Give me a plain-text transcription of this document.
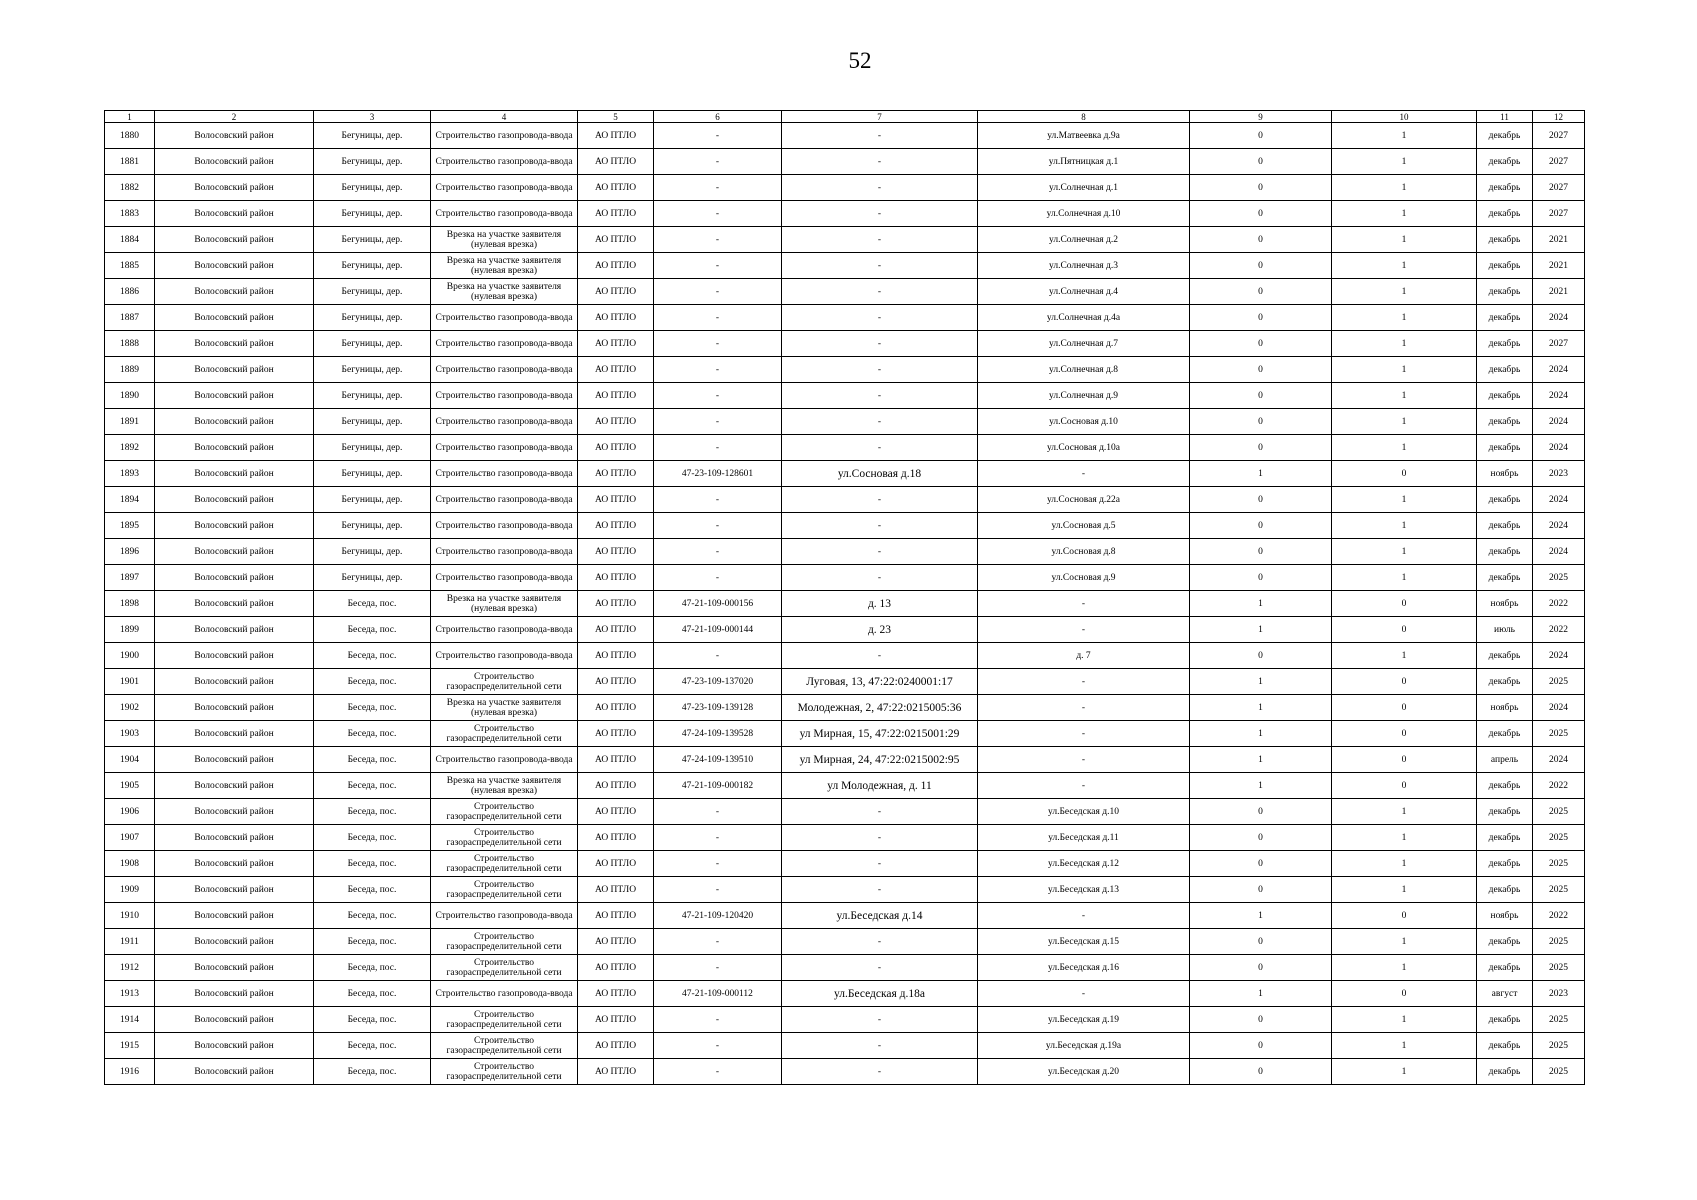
52
1	2	3	4	5	6	7	8	9	10	11	12
1880	Волосовский район	Бегуницы, дер.	Строительство газопровода-ввода	АО ПТЛО	-	-	ул.Матвеевка д.9а	0	1	декабрь	2027
1881	Волосовский район	Бегуницы, дер.	Строительство газопровода-ввода	АО ПТЛО	-	-	ул.Пятницкая д.1	0	1	декабрь	2027
1882	Волосовский район	Бегуницы, дер.	Строительство газопровода-ввода	АО ПТЛО	-	-	ул.Солнечная д.1	0	1	декабрь	2027
1883	Волосовский район	Бегуницы, дер.	Строительство газопровода-ввода	АО ПТЛО	-	-	ул.Солнечная д.10	0	1	декабрь	2027
1884	Волосовский район	Бегуницы, дер.	Врезка на участке заявителя (нулевая врезка)	АО ПТЛО	-	-	ул.Солнечная д.2	0	1	декабрь	2021
1885	Волосовский район	Бегуницы, дер.	Врезка на участке заявителя (нулевая врезка)	АО ПТЛО	-	-	ул.Солнечная д.3	0	1	декабрь	2021
1886	Волосовский район	Бегуницы, дер.	Врезка на участке заявителя (нулевая врезка)	АО ПТЛО	-	-	ул.Солнечная д.4	0	1	декабрь	2021
1887	Волосовский район	Бегуницы, дер.	Строительство газопровода-ввода	АО ПТЛО	-	-	ул.Солнечная д.4а	0	1	декабрь	2024
1888	Волосовский район	Бегуницы, дер.	Строительство газопровода-ввода	АО ПТЛО	-	-	ул.Солнечная д.7	0	1	декабрь	2027
1889	Волосовский район	Бегуницы, дер.	Строительство газопровода-ввода	АО ПТЛО	-	-	ул.Солнечная д.8	0	1	декабрь	2024
1890	Волосовский район	Бегуницы, дер.	Строительство газопровода-ввода	АО ПТЛО	-	-	ул.Солнечная д.9	0	1	декабрь	2024
1891	Волосовский район	Бегуницы, дер.	Строительство газопровода-ввода	АО ПТЛО	-	-	ул.Сосновая д.10	0	1	декабрь	2024
1892	Волосовский район	Бегуницы, дер.	Строительство газопровода-ввода	АО ПТЛО	-	-	ул.Сосновая д.10а	0	1	декабрь	2024
1893	Волосовский район	Бегуницы, дер.	Строительство газопровода-ввода	АО ПТЛО	47-23-109-128601	ул.Сосновая д.18	-	1	0	ноябрь	2023
1894	Волосовский район	Бегуницы, дер.	Строительство газопровода-ввода	АО ПТЛО	-	-	ул.Сосновая д.22а	0	1	декабрь	2024
1895	Волосовский район	Бегуницы, дер.	Строительство газопровода-ввода	АО ПТЛО	-	-	ул.Сосновая д.5	0	1	декабрь	2024
1896	Волосовский район	Бегуницы, дер.	Строительство газопровода-ввода	АО ПТЛО	-	-	ул.Сосновая д.8	0	1	декабрь	2024
1897	Волосовский район	Бегуницы, дер.	Строительство газопровода-ввода	АО ПТЛО	-	-	ул.Сосновая д.9	0	1	декабрь	2025
1898	Волосовский район	Беседа, пос.	Врезка на участке заявителя (нулевая врезка)	АО ПТЛО	47-21-109-000156	д. 13	-	1	0	ноябрь	2022
1899	Волосовский район	Беседа, пос.	Строительство газопровода-ввода	АО ПТЛО	47-21-109-000144	д. 23	-	1	0	июль	2022
1900	Волосовский район	Беседа, пос.	Строительство газопровода-ввода	АО ПТЛО	-	-	д. 7	0	1	декабрь	2024
1901	Волосовский район	Беседа, пос.	Строительство газораспределительной сети	АО ПТЛО	47-23-109-137020	Луговая, 13, 47:22:0240001:17	-	1	0	декабрь	2025
1902	Волосовский район	Беседа, пос.	Врезка на участке заявителя (нулевая врезка)	АО ПТЛО	47-23-109-139128	Молодежная, 2, 47:22:0215005:36	-	1	0	ноябрь	2024
1903	Волосовский район	Беседа, пос.	Строительство газораспределительной сети	АО ПТЛО	47-24-109-139528	ул Мирная, 15, 47:22:0215001:29	-	1	0	декабрь	2025
1904	Волосовский район	Беседа, пос.	Строительство газопровода-ввода	АО ПТЛО	47-24-109-139510	ул Мирная, 24, 47:22:0215002:95	-	1	0	апрель	2024
1905	Волосовский район	Беседа, пос.	Врезка на участке заявителя (нулевая врезка)	АО ПТЛО	47-21-109-000182	ул Молодежная, д. 11	-	1	0	декабрь	2022
1906	Волосовский район	Беседа, пос.	Строительство газораспределительной сети	АО ПТЛО	-	-	ул.Беседская д.10	0	1	декабрь	2025
1907	Волосовский район	Беседа, пос.	Строительство газораспределительной сети	АО ПТЛО	-	-	ул.Беседская д.11	0	1	декабрь	2025
1908	Волосовский район	Беседа, пос.	Строительство газораспределительной сети	АО ПТЛО	-	-	ул.Беседская д.12	0	1	декабрь	2025
1909	Волосовский район	Беседа, пос.	Строительство газораспределительной сети	АО ПТЛО	-	-	ул.Беседская д.13	0	1	декабрь	2025
1910	Волосовский район	Беседа, пос.	Строительство газопровода-ввода	АО ПТЛО	47-21-109-120420	ул.Беседская д.14	-	1	0	ноябрь	2022
1911	Волосовский район	Беседа, пос.	Строительство газораспределительной сети	АО ПТЛО	-	-	ул.Беседская д.15	0	1	декабрь	2025
1912	Волосовский район	Беседа, пос.	Строительство газораспределительной сети	АО ПТЛО	-	-	ул.Беседская д.16	0	1	декабрь	2025
1913	Волосовский район	Беседа, пос.	Строительство газопровода-ввода	АО ПТЛО	47-21-109-000112	ул.Беседская д.18а	-	1	0	август	2023
1914	Волосовский район	Беседа, пос.	Строительство газораспределительной сети	АО ПТЛО	-	-	ул.Беседская д.19	0	1	декабрь	2025
1915	Волосовский район	Беседа, пос.	Строительство газораспределительной сети	АО ПТЛО	-	-	ул.Беседская д.19а	0	1	декабрь	2025
1916	Волосовский район	Беседа, пос.	Строительство газораспределительной сети	АО ПТЛО	-	-	ул.Беседская д.20	0	1	декабрь	2025
